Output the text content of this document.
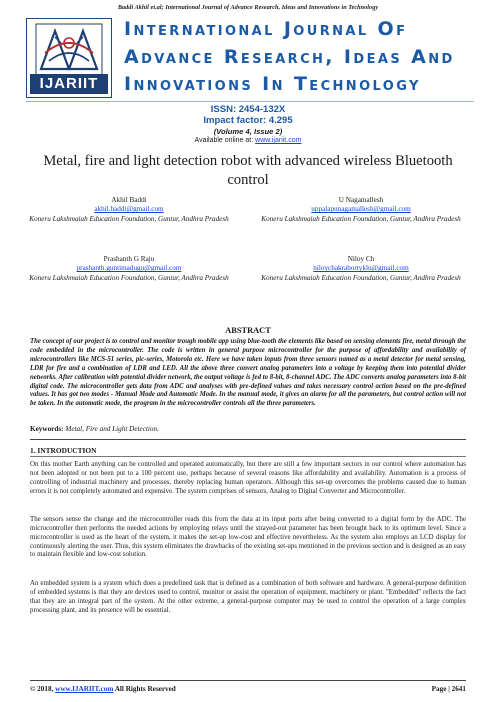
Baddi Akhil et.al; International Journal of Advance Research, Ideas and Innovations in Technology
IJARIIT
International Journal Of
Advance Research, Ideas And
Innovations In Technology
ISSN: 2454-132X
Impact factor: 4.295
(Volume 4, Issue 2)
Available online at: www.ijariit.com
Metal, fire and light detection robot with advanced wireless Bluetooth control
Akhil Baddi
akhil.baddi@gmail.com
Koneru Lakshmaiah Education Foundation, Guntur, Andhra Pradesh
U Nagamallesh
uppalapunagamallesh@gmail.com
Koneru Lakshmaiah Education Foundation, Guntur, Andhra Pradesh
Prashanth G Raju
prashanth.guntimadugu@gmail.com
Koneru Lakshmaiah Education Foundation, Guntur, Andhra Pradesh
Niloy Ch
niloychakrabortyklu@gmail.com
Koneru Lakshmaiah Education Foundation, Guntur, Andhra Pradesh
ABSTRACT
The concept of our project is to control and monitor trough mobile app using blue-tooth the elements like based on sensing elements fire, metal through the code embedded in the microcontroller. The code is written in general purpose microcontroller for the purpose of affordability and availability of microcontrollers like MCS-51 series, pic-series, Motorola etc. Here we have taken inputs from three sensors named as a metal detector for metal sensing, LDR for fire and a combination of LDR and LED. All the above three convert analog parameters into a voltage by keeping them into potential divider networks. After calibration with potential divider network, the output voltage is fed to 8-bit, 8-channel ADC. The ADC converts analog parameters into 8-bit digital code. The microcontroller gets data from ADC and analyses with pre-defined values and takes necessary control action based on the pre-defined values. It has got two modes - Manual Mode and Automatic Mode. In the manual mode, it gives an alarm for all the parameters, but control action will not be taken. In the automatic mode, the program in the microcontroller controls all the three parameters.
Keywords: Metal, Fire and Light Detection.
1. INTRODUCTION
On this mother Earth anything can be controlled and operated automatically, but there are still a few important sectors in our control where automation has not been adopted or not been put to a 100 percent use, perhaps because of several reasons like affordability and availability. Automation is a process of controlling of industrial machinery and processes, thereby replacing human operators. Although this set-up overcomes the problems caused due to human errors it is not completely automated and expensive. The system comprises of sensors, Analog to Digital Converter and Microcontroller.
The sensors sense the change and the microcontroller reads this from the data at its input ports after being converted to a digital form by the ADC. The microcontroller then performs the needed actions by employing relays until the strayed-out parameter has been brought back to its optimum level. Since a microcontroller is used as the heart of the system, it makes the set-up low-cost and effective nevertheless. As the system also employs an LCD display for continuously alerting the user. Thus, this system eliminates the drawbacks of the existing set-ups mentioned in the previous section and is designed as an easy to maintain flexible and low-cost solution.
An embedded system is a system which does a predefined task that is defined as a combination of both software and hardware. A general-purpose definition of embedded systems is that they are devices used to control, monitor or assist the operation of equipment, machinery or plant. "Embedded" reflects the fact that they are an integral part of the system. At the other extreme, a general-purpose computer may be used to control the operation of a large complex processing plant, and its presence will be essential.
© 2018, www.IJARIIT.com All Rights Reserved	Page | 2641
